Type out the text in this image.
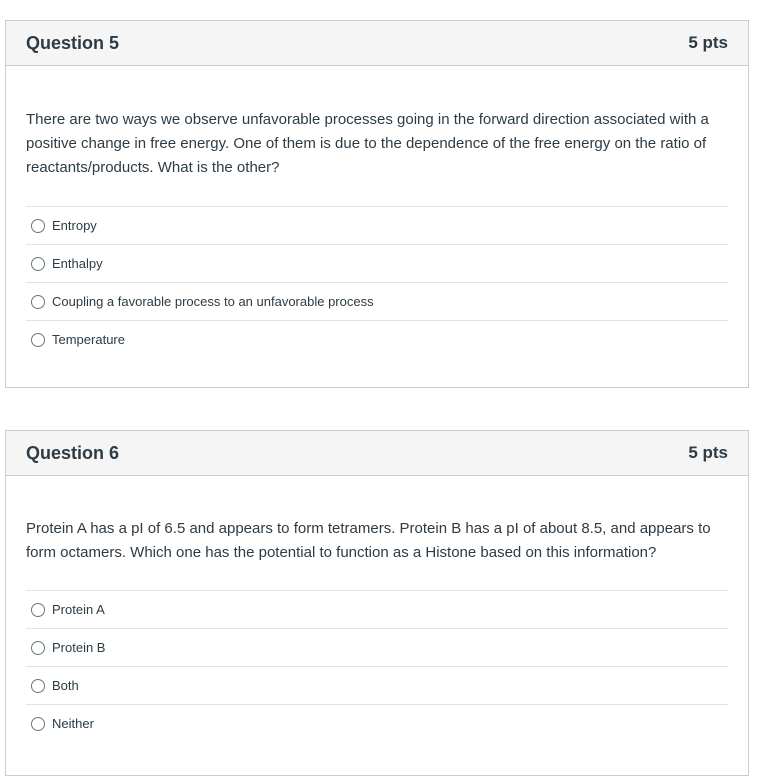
Question 5	5 pts

There are two ways we observe unfavorable processes going in the forward direction associated with a positive change in free energy. One of them is due to the dependence of the free energy on the ratio of reactants/products. What is the other?

Entropy
Enthalpy
Coupling a favorable process to an unfavorable process
Temperature
Question 6	5 pts

Protein A has a pI of 6.5 and appears to form tetramers. Protein B has a pI of about 8.5, and appears to form octamers. Which one has the potential to function as a Histone based on this information?

Protein A
Protein B
Both
Neither
